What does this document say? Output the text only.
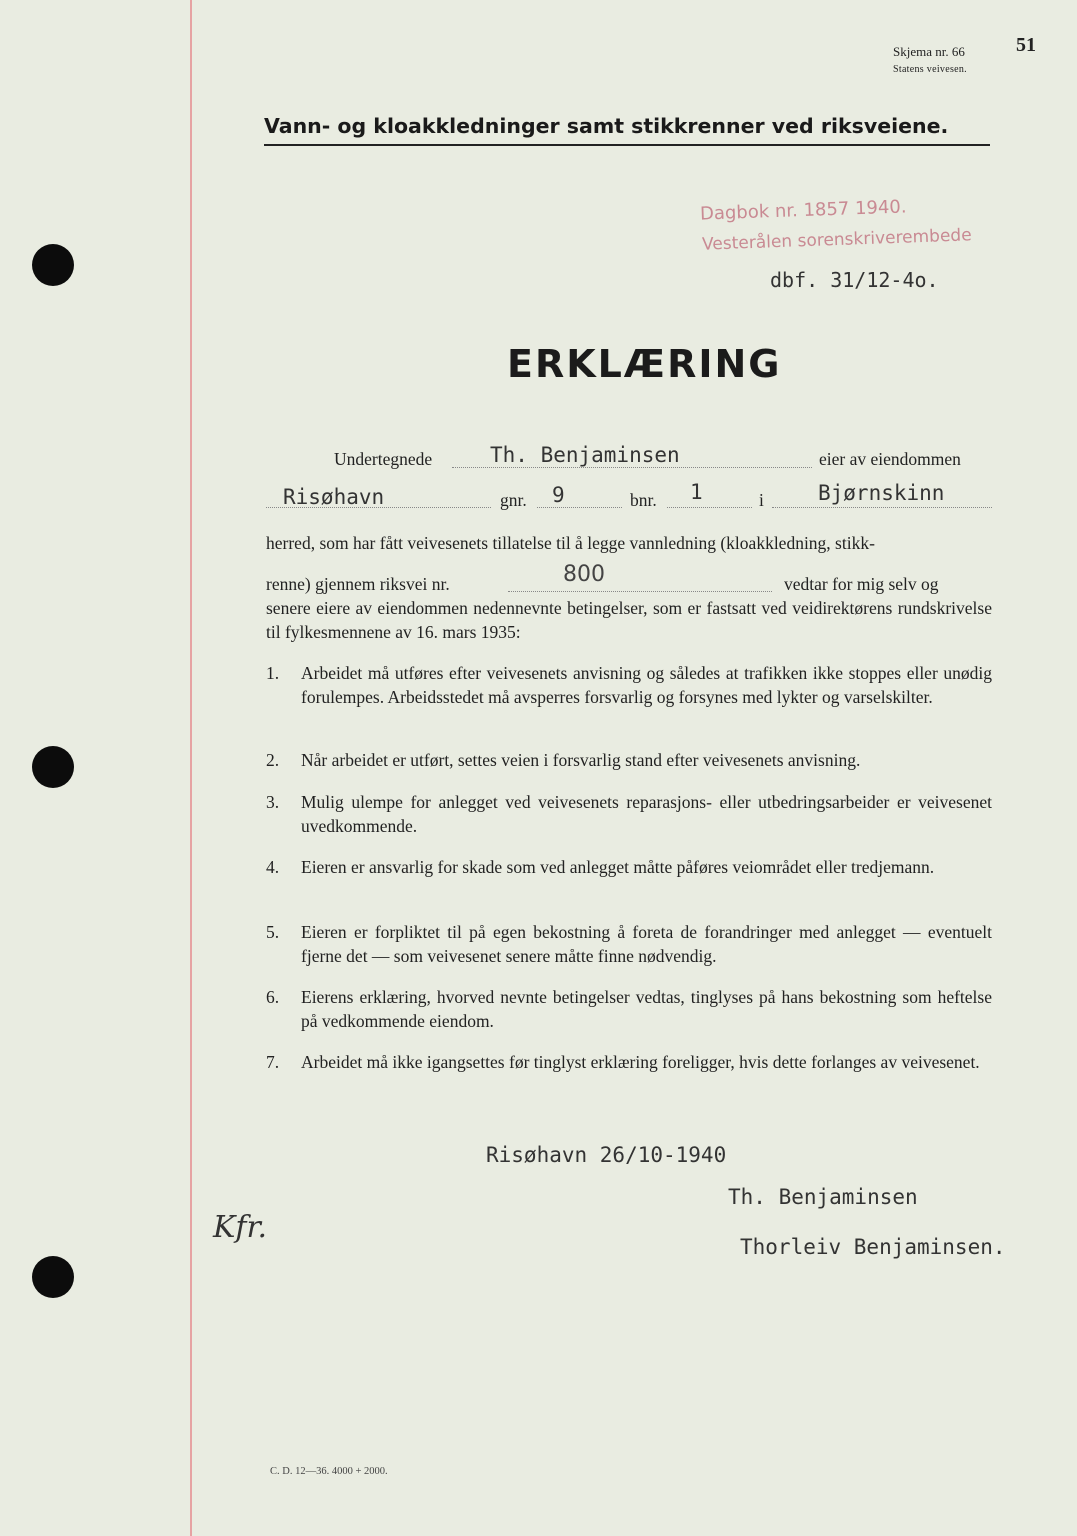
Skjema nr. 66
Statens veivesen.
51
Vann- og kloakkledninger samt stikkrenner ved riksveiene.
Dagbok nr. 1857 1940.
Vesterålen sorenskriverembede
dbf. 31/12-4o.
ERKLÆRING
Undertegnede	Th. Benjaminsen	eier av eiendommen
Risøhavn	gnr. 9	bnr. 1	i	Bjørnskinn
herred, som har fått veivesenets tillatelse til å legge vannledning (kloakkledning, stikk-
renne) gjennem riksvei nr.	800	vedtar for mig selv og
senere eiere av eiendommen nedennevnte betingelser, som er fastsatt ved veidirektørens rundskrivelse til fylkesmennene av 16. mars 1935:
1. Arbeidet må utføres efter veivesenets anvisning og således at trafikken ikke stoppes eller unødig forulempes. Arbeidsstedet må avsperres forsvarlig og forsynes med lykter og varselskilter.
2. Når arbeidet er utført, settes veien i forsvarlig stand efter veivesenets anvisning.
3. Mulig ulempe for anlegget ved veivesenets reparasjons- eller utbedringsarbeider er veivesenet uvedkommende.
4. Eieren er ansvarlig for skade som ved anlegget måtte påføres veiområdet eller tredjemann.
5. Eieren er forpliktet til på egen bekostning å foreta de forandringer med anlegget — eventuelt fjerne det — som veivesenet senere måtte finne nødvendig.
6. Eierens erklæring, hvorved nevnte betingelser vedtas, tinglyses på hans bekostning som heftelse på vedkommende eiendom.
7. Arbeidet må ikke igangsettes før tinglyst erklæring foreligger, hvis dette forlanges av veivesenet.
Risøhavn 26/10-1940
Th. Benjaminsen
Thorleiv Benjaminsen.
Kfr.
C. D. 12—36. 4000 + 2000.
